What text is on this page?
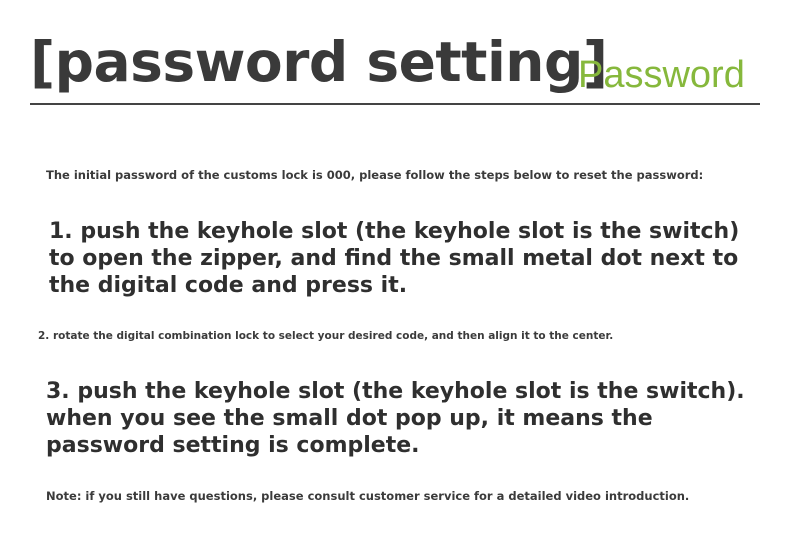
[password setting]
Password

The initial password of the customs lock is 000, please follow the steps below to reset the password:

1. push the keyhole slot (the keyhole slot is the switch)
to open the zipper, and find the small metal dot next to
the digital code and press it.

2. rotate the digital combination lock to select your desired code, and then align it to the center.

3. push the keyhole slot (the keyhole slot is the switch).
when you see the small dot pop up, it means the
password setting is complete.

Note: if you still have questions, please consult customer service for a detailed video introduction.
